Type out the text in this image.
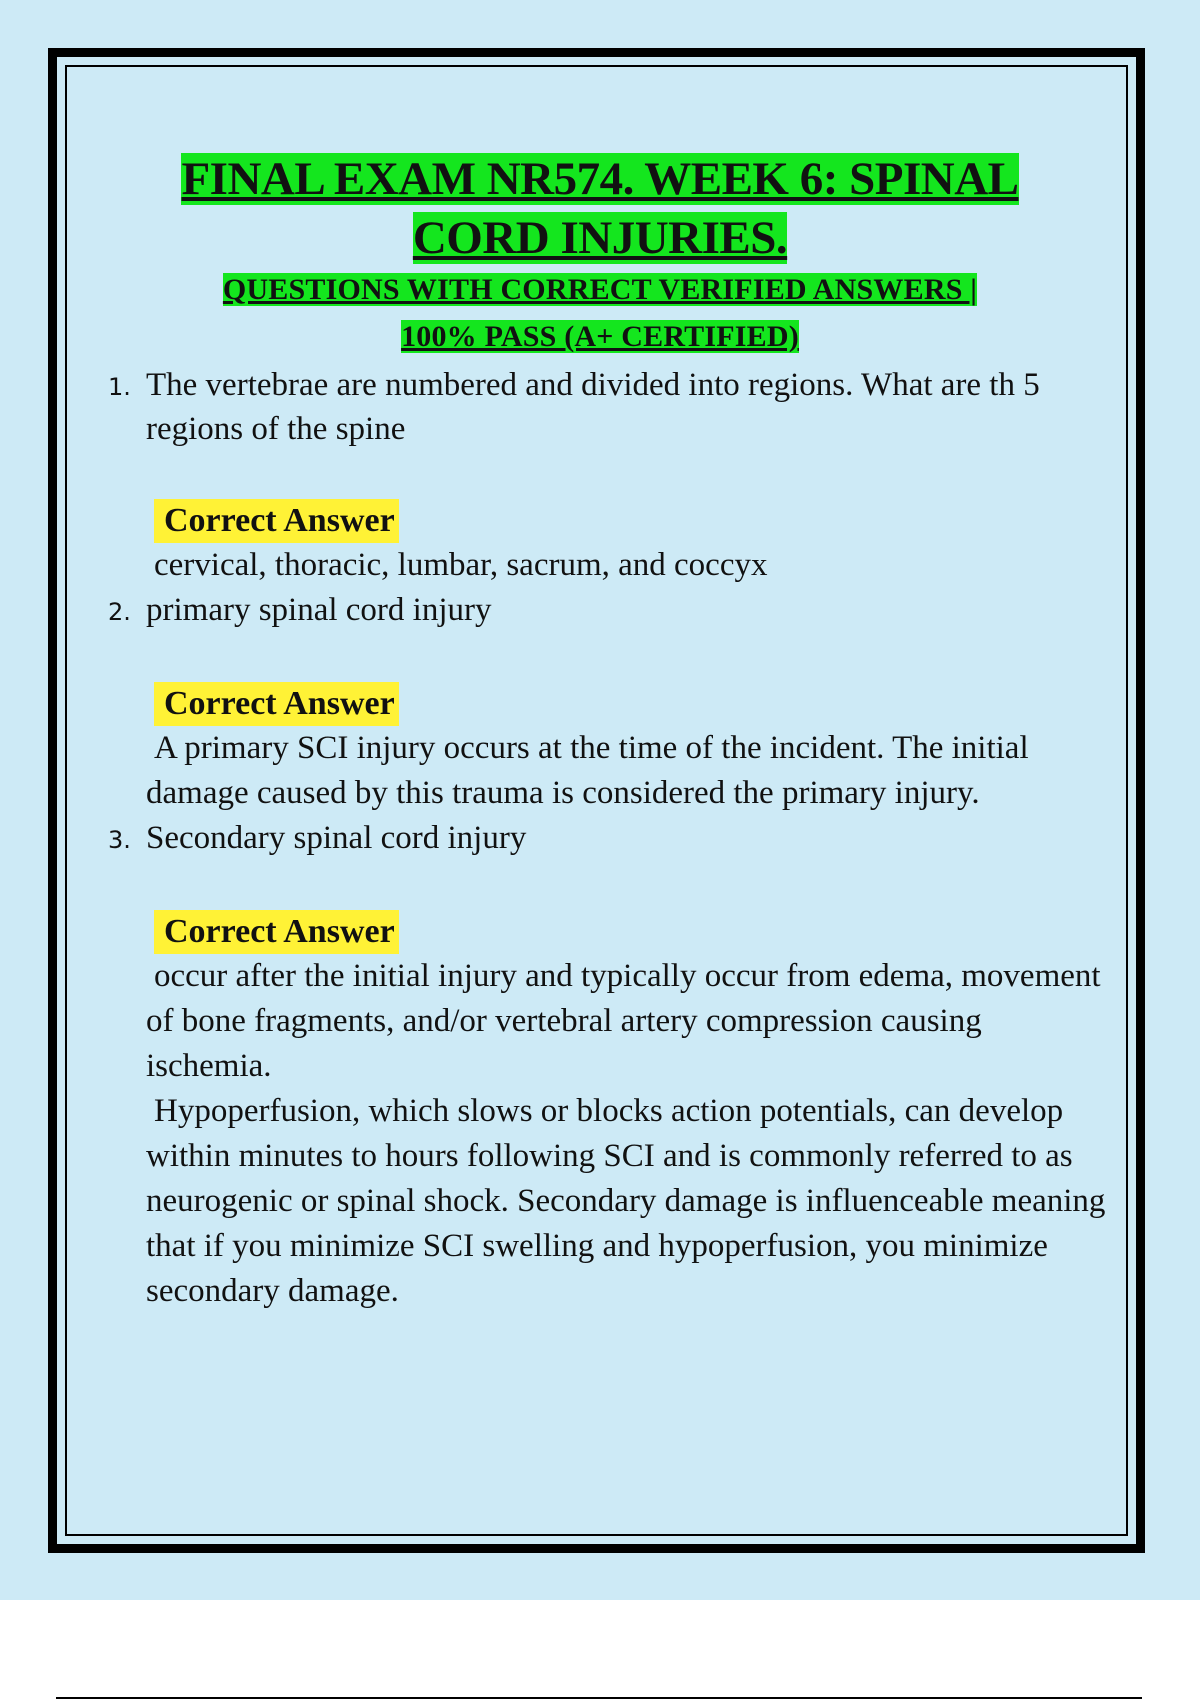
FINAL EXAM NR574. WEEK 6: SPINAL
CORD INJURIES.
QUESTIONS WITH CORRECT VERIFIED ANSWERS |
100% PASS (A+ CERTIFIED)
1. The vertebrae are numbered and divided into regions. What are th 5 regions of the spine
Correct Answer
cervical, thoracic, lumbar, sacrum, and coccyx
2. primary spinal cord injury
Correct Answer
A primary SCI injury occurs at the time of the incident. The initial damage caused by this trauma is considered the primary injury.
3. Secondary spinal cord injury
Correct Answer
occur after the initial injury and typically occur from edema, movement of bone fragments, and/or vertebral artery compression causing ischemia.
Hypoperfusion, which slows or blocks action potentials, can develop within minutes to hours following SCI and is commonly referred to as neurogenic or spinal shock. Secondary damage is influenceable meaning that if you minimize SCI swelling and hypoperfusion, you minimize secondary damage.
